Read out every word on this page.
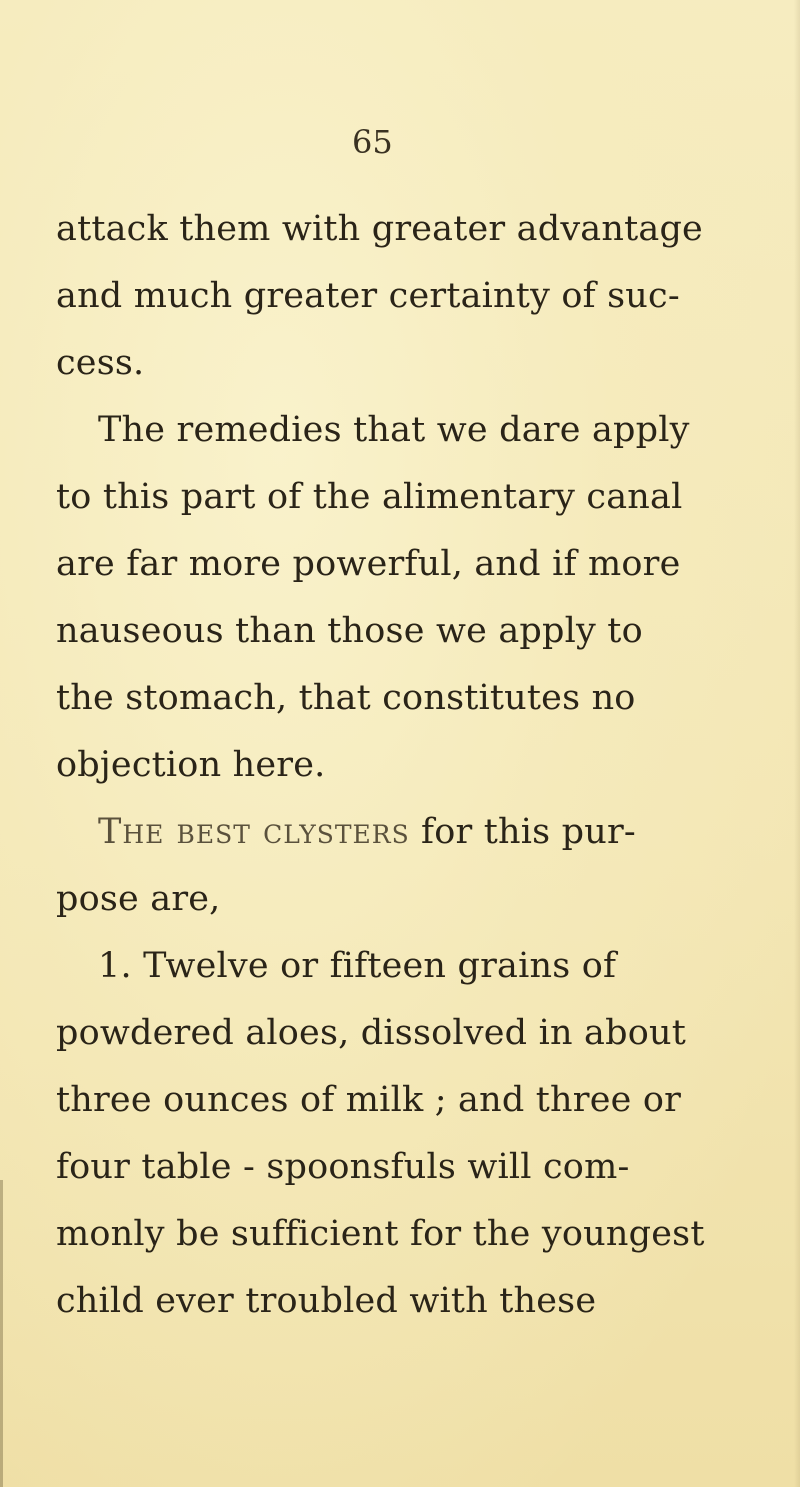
65
attack them with greater advantage
and much greater certainty of suc-
cess.
The remedies that we dare apply
to this part of the alimentary canal
are far more powerful, and if more
nauseous than those we apply to
the stomach, that constitutes no
objection here.
The best clysters for this pur-
pose are,
1. Twelve or fifteen grains of
powdered aloes, dissolved in about
three ounces of milk ; and three or
four table - spoonsfuls will com-
monly be sufficient for the youngest
child ever troubled with these
